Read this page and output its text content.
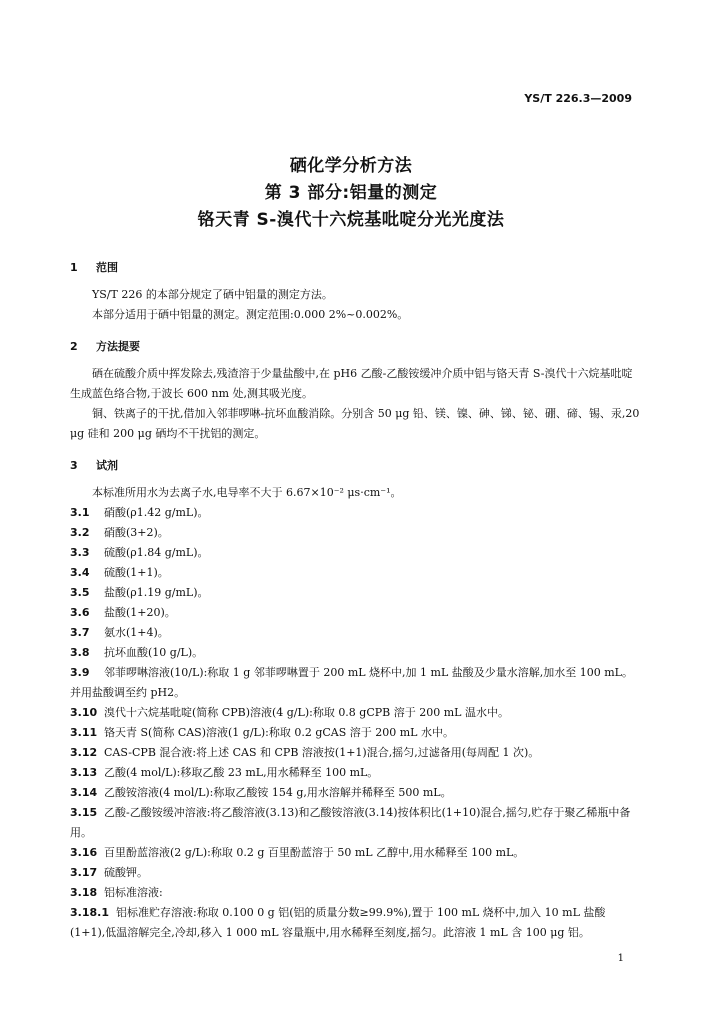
YS/T 226.3—2009
硒化学分析方法
第 3 部分:铝量的测定
铬天青 S-溴代十六烷基吡啶分光光度法
1 范围

YS/T 226 的本部分规定了硒中铝量的测定方法。

本部分适用于硒中铝量的测定。测定范围:0.000 2%~0.002%。

2 方法提要

硒在硫酸介质中挥发除去,残渣溶于少量盐酸中,在 pH6 乙酸-乙酸铵缓冲介质中铝与铬天青 S-溴代十六烷基吡啶生成蓝色络合物,于波长 600 nm 处,测其吸光度。

铜、铁离子的干扰,借加入邻菲啰啉-抗坏血酸消除。分别含 50 μg 铅、镁、镍、砷、锑、铋、硼、碲、锡、汞,20 μg 硅和 200 μg 硒均不干扰铝的测定。

3 试剂

本标准所用水为去离子水,电导率不大于 6.67×10⁻² μs·cm⁻¹。

3.1 硝酸(ρ1.42 g/mL)。

3.2 硝酸(3+2)。

3.3 硫酸(ρ1.84 g/mL)。

3.4 硫酸(1+1)。

3.5 盐酸(ρ1.19 g/mL)。

3.6 盐酸(1+20)。

3.7 氨水(1+4)。

3.8 抗坏血酸(10 g/L)。

3.9 邻菲啰啉溶液(10/L):称取 1 g 邻菲啰啉置于 200 mL 烧杯中,加 1 mL 盐酸及少量水溶解,加水至 100 mL。并用盐酸调至约 pH2。

3.10 溴代十六烷基吡啶(简称 CPB)溶液(4 g/L):称取 0.8 gCPB 溶于 200 mL 温水中。

3.11 铬天青 S(简称 CAS)溶液(1 g/L):称取 0.2 gCAS 溶于 200 mL 水中。

3.12 CAS-CPB 混合液:将上述 CAS 和 CPB 溶液按(1+1)混合,摇匀,过滤备用(每周配 1 次)。

3.13 乙酸(4 mol/L):移取乙酸 23 mL,用水稀释至 100 mL。

3.14 乙酸铵溶液(4 mol/L):称取乙酸铵 154 g,用水溶解并稀释至 500 mL。

3.15 乙酸-乙酸铵缓冲溶液:将乙酸溶液(3.13)和乙酸铵溶液(3.14)按体积比(1+10)混合,摇匀,贮存于聚乙稀瓶中备用。

3.16 百里酚蓝溶液(2 g/L):称取 0.2 g 百里酚蓝溶于 50 mL 乙醇中,用水稀释至 100 mL。

3.17 硫酸钾。

3.18 铝标准溶液:

3.18.1 铝标准贮存溶液:称取 0.100 0 g 铝(铝的质量分数≥99.9%),置于 100 mL 烧杯中,加入 10 mL 盐酸(1+1),低温溶解完全,冷却,移入 1 000 mL 容量瓶中,用水稀释至刻度,摇匀。此溶液 1 mL 含 100 μg 铝。

1
